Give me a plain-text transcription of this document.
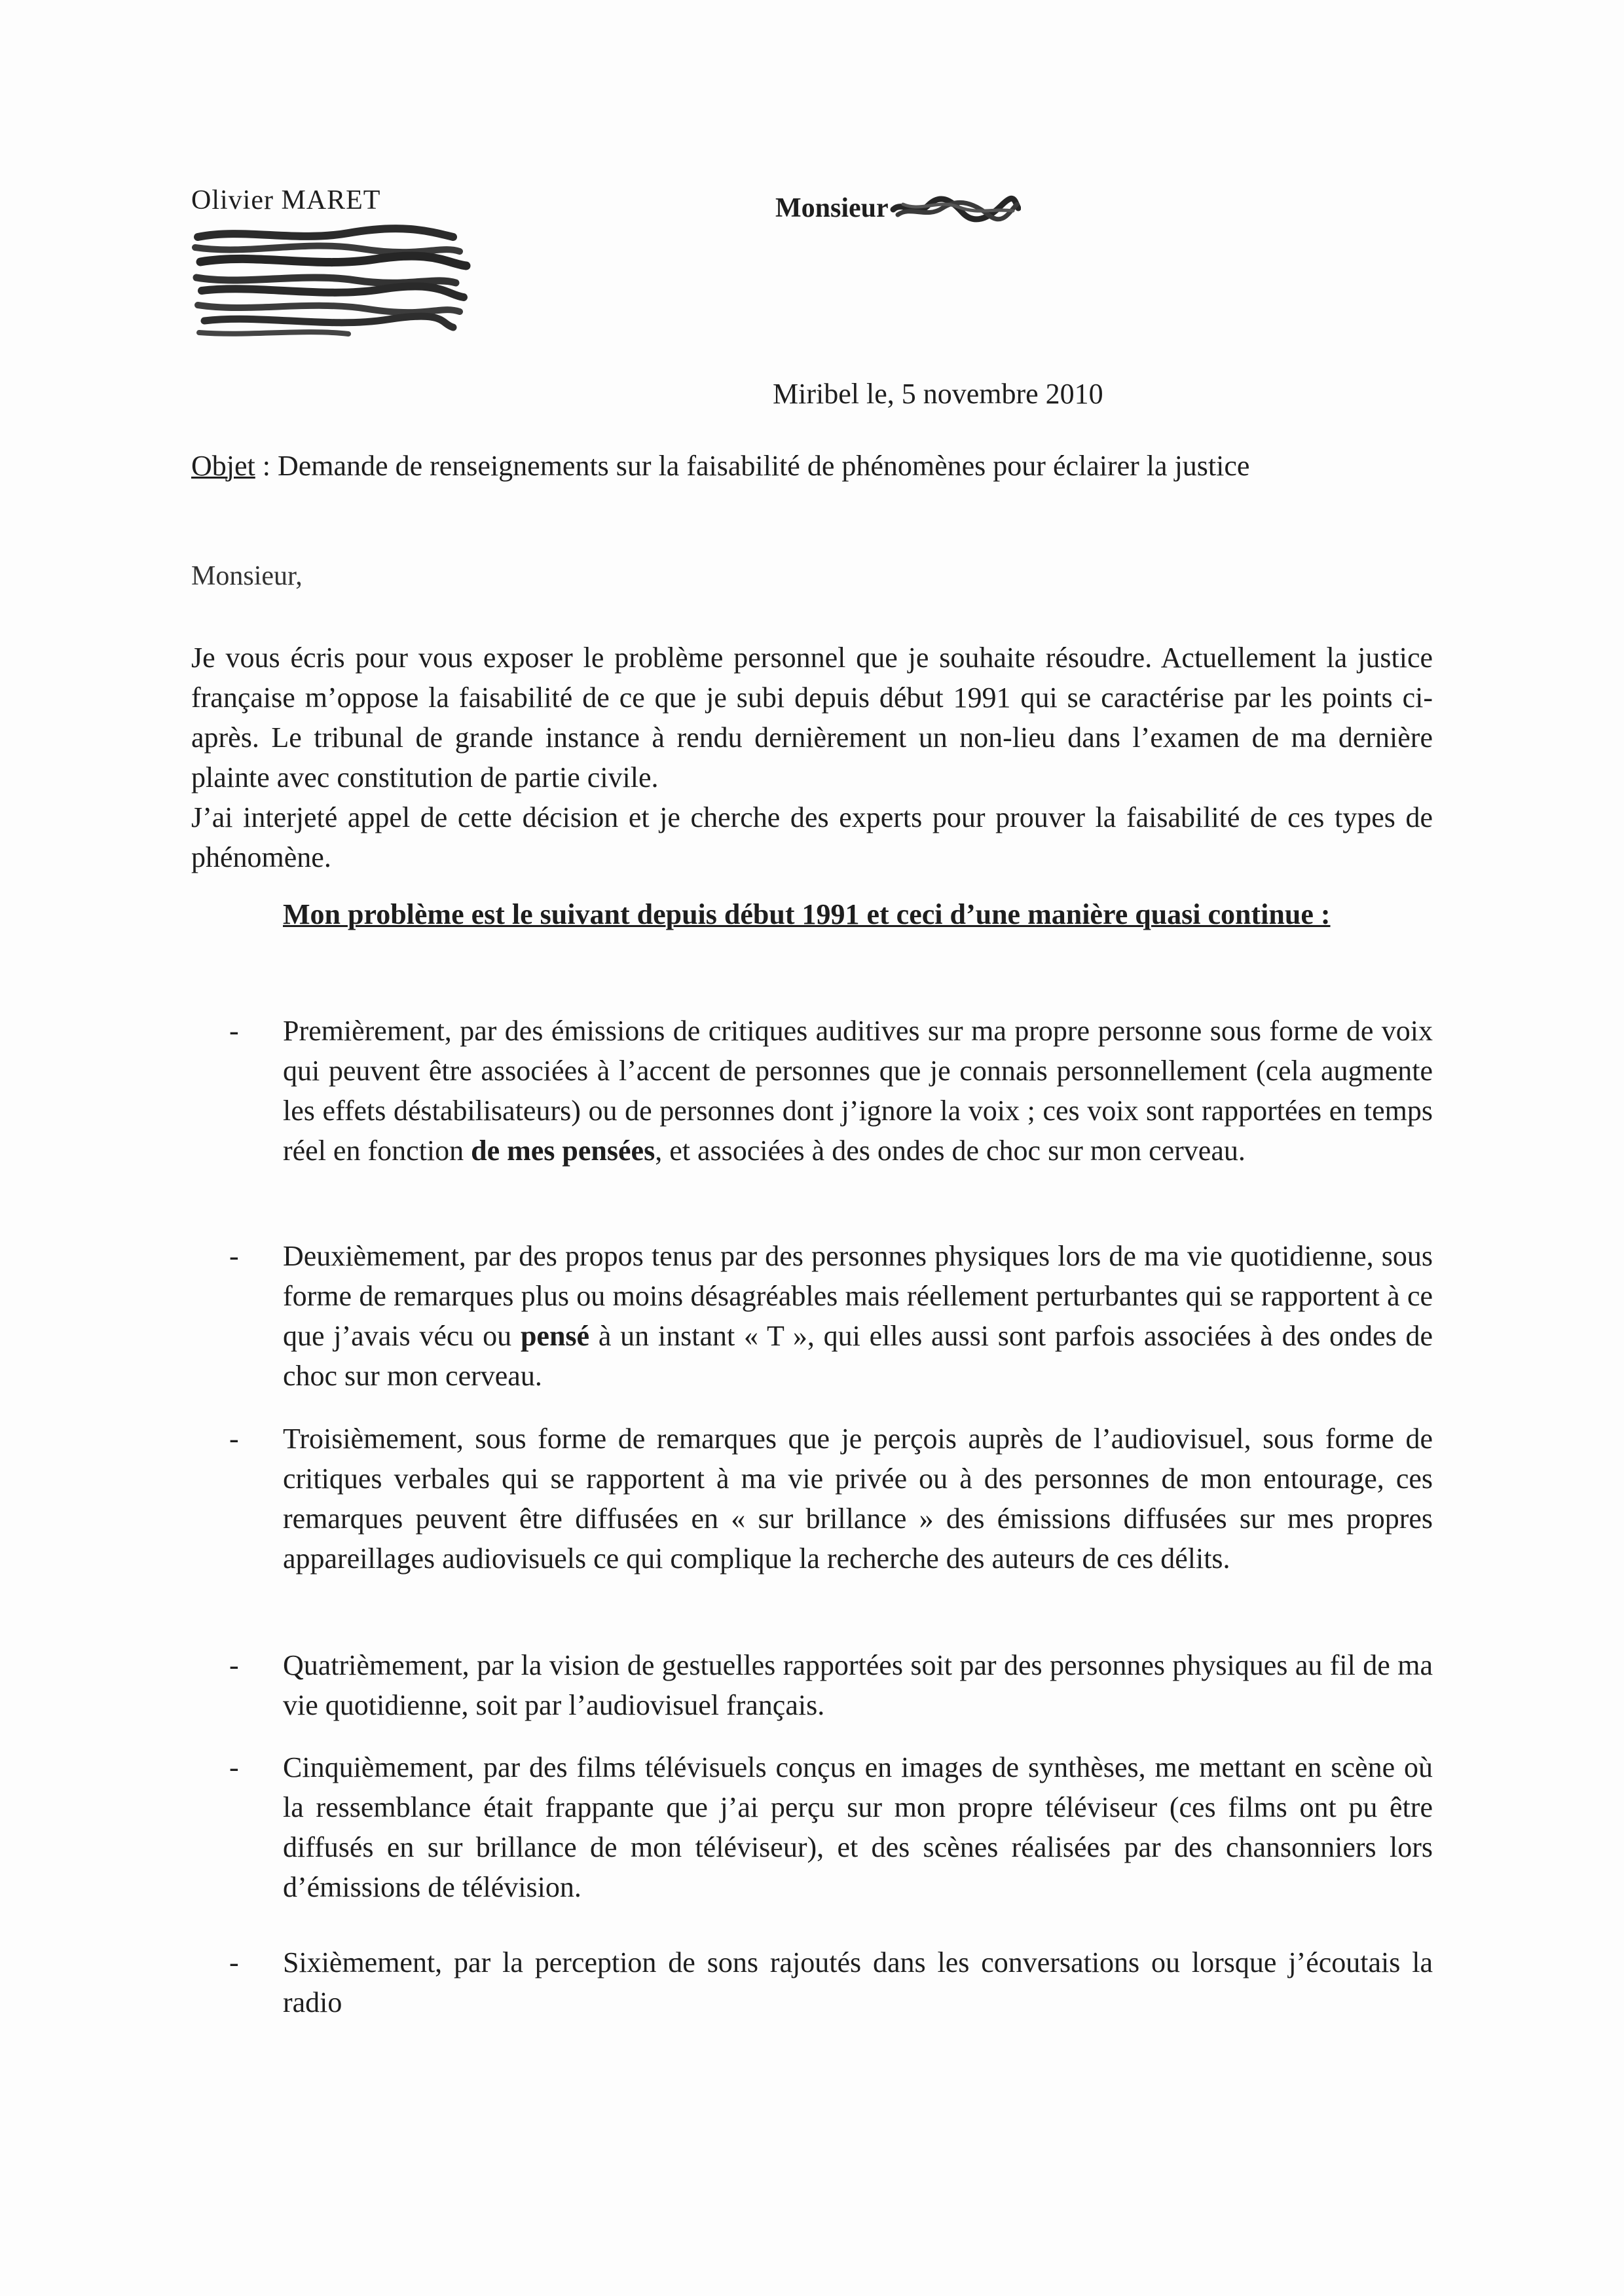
Olivier MARET	Monsieur
Miribel le, 5 novembre 2010
Objet : Demande de renseignements sur la faisabilité de phénomènes pour éclairer la justice
Monsieur,
Je vous écris pour vous exposer le problème personnel que je souhaite résoudre. Actuellement la justice française m’oppose la faisabilité de ce que je subi depuis début 1991 qui se caractérise par les points ci-après. Le tribunal de grande instance à rendu dernièrement un non-lieu dans l’examen de ma dernière plainte avec constitution de partie civile.
J’ai interjeté appel de cette décision et je cherche des experts pour prouver la faisabilité de ces types de phénomène.
Mon problème est le suivant depuis début 1991 et ceci d’une manière quasi continue :
- Premièrement, par des émissions de critiques auditives sur ma propre personne sous forme de voix qui peuvent être associées à l’accent de personnes que je connais personnellement (cela augmente les effets déstabilisateurs) ou de personnes dont j’ignore la voix ; ces voix sont rapportées en temps réel en fonction de mes pensées, et associées à des ondes de choc sur mon cerveau.
- Deuxièmement, par des propos tenus par des personnes physiques lors de ma vie quotidienne, sous forme de remarques plus ou moins désagréables mais réellement perturbantes qui se rapportent à ce que j’avais vécu ou pensé à un instant « T », qui elles aussi sont parfois associées à des ondes de choc sur mon cerveau.
- Troisièmement, sous forme de remarques que je perçois auprès de l’audiovisuel, sous forme de critiques verbales qui se rapportent à ma vie privée ou à des personnes de mon entourage, ces remarques peuvent être diffusées en « sur brillance » des émissions diffusées sur mes propres appareillages audiovisuels ce qui complique la recherche des auteurs de ces délits.
- Quatrièmement, par la vision de gestuelles rapportées soit par des personnes physiques au fil de ma vie quotidienne, soit par l’audiovisuel français.
- Cinquièmement, par des films télévisuels conçus en images de synthèses, me mettant en scène où la ressemblance était frappante que j’ai perçu sur mon propre téléviseur (ces films ont pu être diffusés en sur brillance de mon téléviseur), et des scènes réalisées par des chansonniers lors d’émissions de télévision.
- Sixièmement, par la perception de sons rajoutés dans les conversations ou lorsque j’écoutais la radio
